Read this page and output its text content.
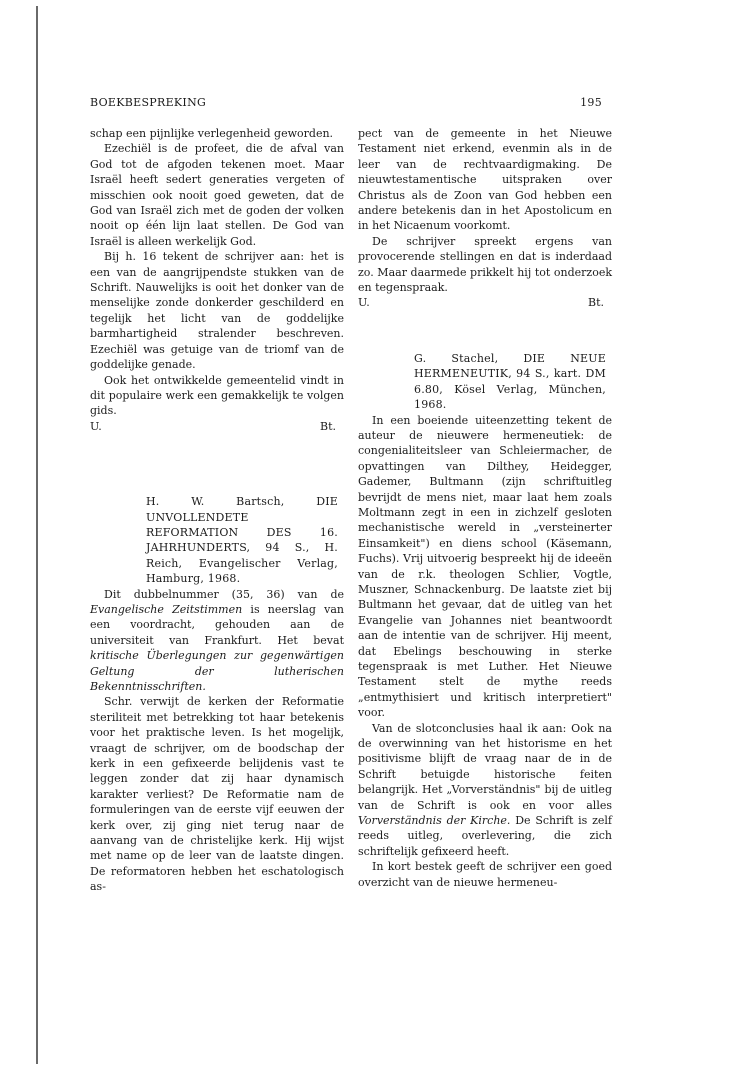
BOEKBESPREKING	195

schap een pijnlijke verlegenheid geworden.

Ezechiël is de profeet, die de afval van God tot de afgoden tekenen moet. Maar Israël heeft sedert generaties vergeten of misschien ook nooit goed geweten, dat de God van Israël zich met de goden der volken nooit op één lijn laat stellen. De God van Israël is alleen werkelijk God.

Bij h. 16 tekent de schrijver aan: het is een van de aangrijpendste stukken van de Schrift. Nauwelijks is ooit het donker van de menselijke zonde donkerder geschilderd en tegelijk het licht van de goddelijke barmhartigheid stralender beschreven. Ezechiël was getuige van de triomf van de goddelijke genade.

Ook het ontwikkelde gemeentelid vindt in dit populaire werk een gemakkelijk te volgen gids.

U.	Bt.

H. W. Bartsch, DIE UNVOLLENDETE REFORMATION DES 16. JAHRHUNDERTS, 94 S., H. Reich, Evangelischer Verlag, Hamburg, 1968.

Dit dubbelnummer (35, 36) van de Evangelische Zeitstimmen is neerslag van een voordracht, gehouden aan de universiteit van Frankfurt. Het bevat kritische Überlegungen zur gegenwärtigen Geltung der lutherischen Bekenntnisschriften.

Schr. verwijt de kerken der Reformatie steriliteit met betrekking tot haar betekenis voor het praktische leven. Is het mogelijk, vraagt de schrijver, om de boodschap der kerk in een gefixeerde belijdenis vast te leggen zonder dat zij haar dynamisch karakter verliest? De Reformatie nam de formuleringen van de eerste vijf eeuwen der kerk over, zij ging niet terug naar de aanvang van de christelijke kerk. Hij wijst met name op de leer van de laatste dingen. De reformatoren hebben het eschatologisch as-

pect van de gemeente in het Nieuwe Testament niet erkend, evenmin als in de leer van de rechtvaardigmaking. De nieuwtestamentische uitspraken over Christus als de Zoon van God hebben een andere betekenis dan in het Apostolicum en in het Nicaenum voorkomt.

De schrijver spreekt ergens van provocerende stellingen en dat is inderdaad zo. Maar daarmede prikkelt hij tot onderzoek en tegenspraak.

U.	Bt.

G. Stachel, DIE NEUE HERMENEUTIK, 94 S., kart. DM 6.80, Kösel Verlag, München, 1968.

In een boeiende uiteenzetting tekent de auteur de nieuwere hermeneutiek: de congenialiteitsleer van Schleiermacher, de opvattingen van Dilthey, Heidegger, Gademer, Bultmann (zijn schriftuitleg bevrijdt de mens niet, maar laat hem zoals Moltmann zegt in een in zichzelf gesloten mechanistische wereld in „versteinerter Einsamkeit") en diens school (Käsemann, Fuchs). Vrij uitvoerig bespreekt hij de ideeën van de r.k. theologen Schlier, Vogtle, Muszner, Schnackenburg. De laatste ziet bij Bultmann het gevaar, dat de uitleg van het Evangelie van Johannes niet beantwoordt aan de intentie van de schrijver. Hij meent, dat Ebelings beschouwing in sterke tegenspraak is met Luther. Het Nieuwe Testament stelt de mythe reeds „entmythisiert und kritisch interpretiert" voor.

Van de slotconclusies haal ik aan: Ook na de overwinning van het historisme en het positivisme blijft de vraag naar de in de Schrift betuigde historische feiten belangrijk. Het „Vorverständnis" bij de uitleg van de Schrift is ook en voor alles Vorverständnis der Kirche. De Schrift is zelf reeds uitleg, overlevering, die zich schriftelijk gefixeerd heeft.

In kort bestek geeft de schrijver een goed overzicht van de nieuwe hermeneu-
